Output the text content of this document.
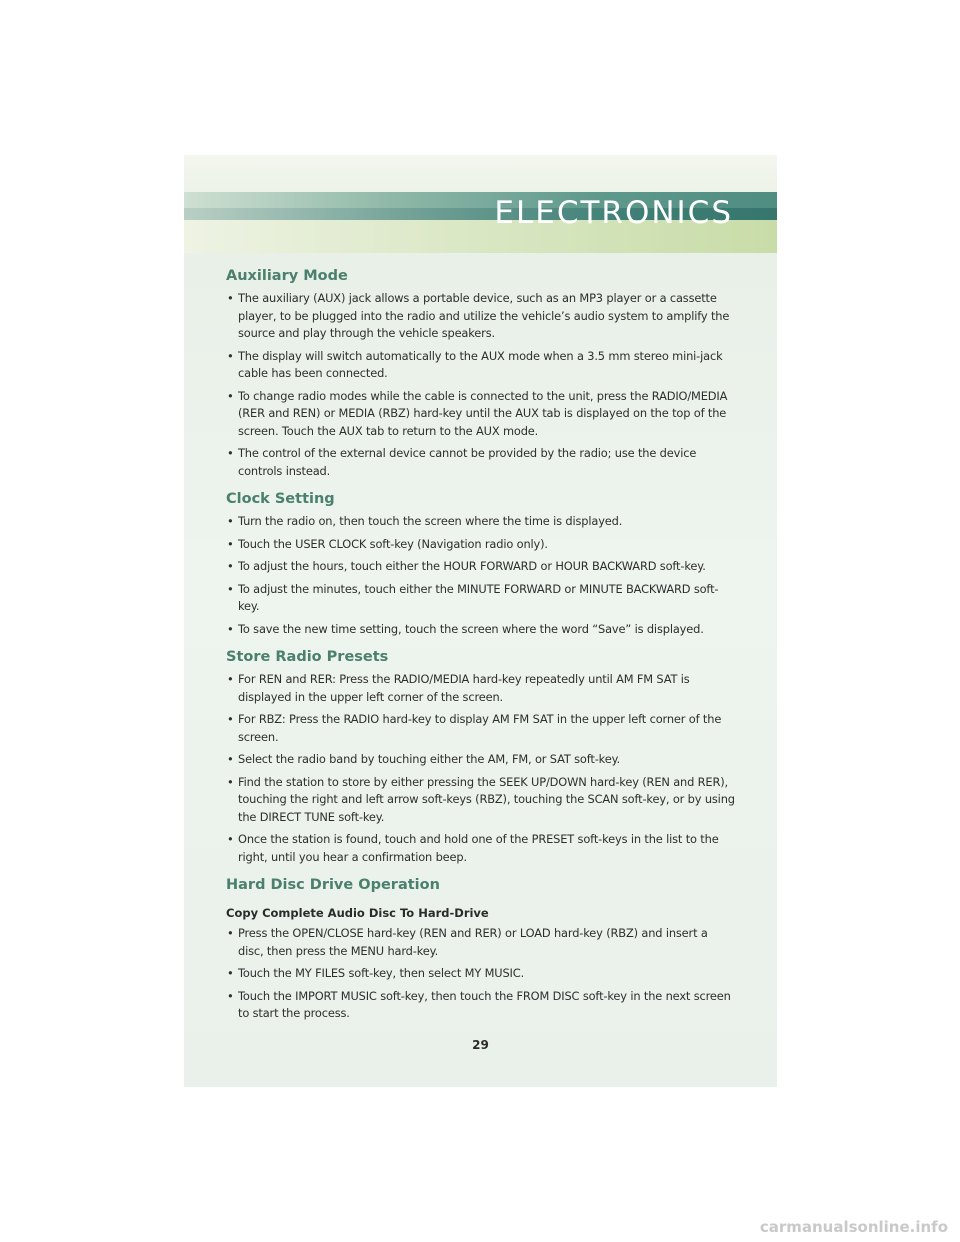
ELECTRONICS
Auxiliary Mode
• The auxiliary (AUX) jack allows a portable device, such as an MP3 player or a cassette player, to be plugged into the radio and utilize the vehicle’s audio system to amplify the source and play through the vehicle speakers.
• The display will switch automatically to the AUX mode when a 3.5 mm stereo mini-jack cable has been connected.
• To change radio modes while the cable is connected to the unit, press the RADIO/MEDIA (RER and REN) or MEDIA (RBZ) hard-key until the AUX tab is displayed on the top of the screen. Touch the AUX tab to return to the AUX mode.
• The control of the external device cannot be provided by the radio; use the device controls instead.
Clock Setting
• Turn the radio on, then touch the screen where the time is displayed.
• Touch the USER CLOCK soft-key (Navigation radio only).
• To adjust the hours, touch either the HOUR FORWARD or HOUR BACKWARD soft-key.
• To adjust the minutes, touch either the MINUTE FORWARD or MINUTE BACKWARD soft-key.
• To save the new time setting, touch the screen where the word “Save” is displayed.
Store Radio Presets
• For REN and RER: Press the RADIO/MEDIA hard-key repeatedly until AM FM SAT is displayed in the upper left corner of the screen.
• For RBZ: Press the RADIO hard-key to display AM FM SAT in the upper left corner of the screen.
• Select the radio band by touching either the AM, FM, or SAT soft-key.
• Find the station to store by either pressing the SEEK UP/DOWN hard-key (REN and RER), touching the right and left arrow soft-keys (RBZ), touching the SCAN soft-key, or by using the DIRECT TUNE soft-key.
• Once the station is found, touch and hold one of the PRESET soft-keys in the list to the right, until you hear a confirmation beep.
Hard Disc Drive Operation
Copy Complete Audio Disc To Hard-Drive
• Press the OPEN/CLOSE hard-key (REN and RER) or LOAD hard-key (RBZ) and insert a disc, then press the MENU hard-key.
• Touch the MY FILES soft-key, then select MY MUSIC.
• Touch the IMPORT MUSIC soft-key, then touch the FROM DISC soft-key in the next screen to start the process.
29
carmanualsonline.info
